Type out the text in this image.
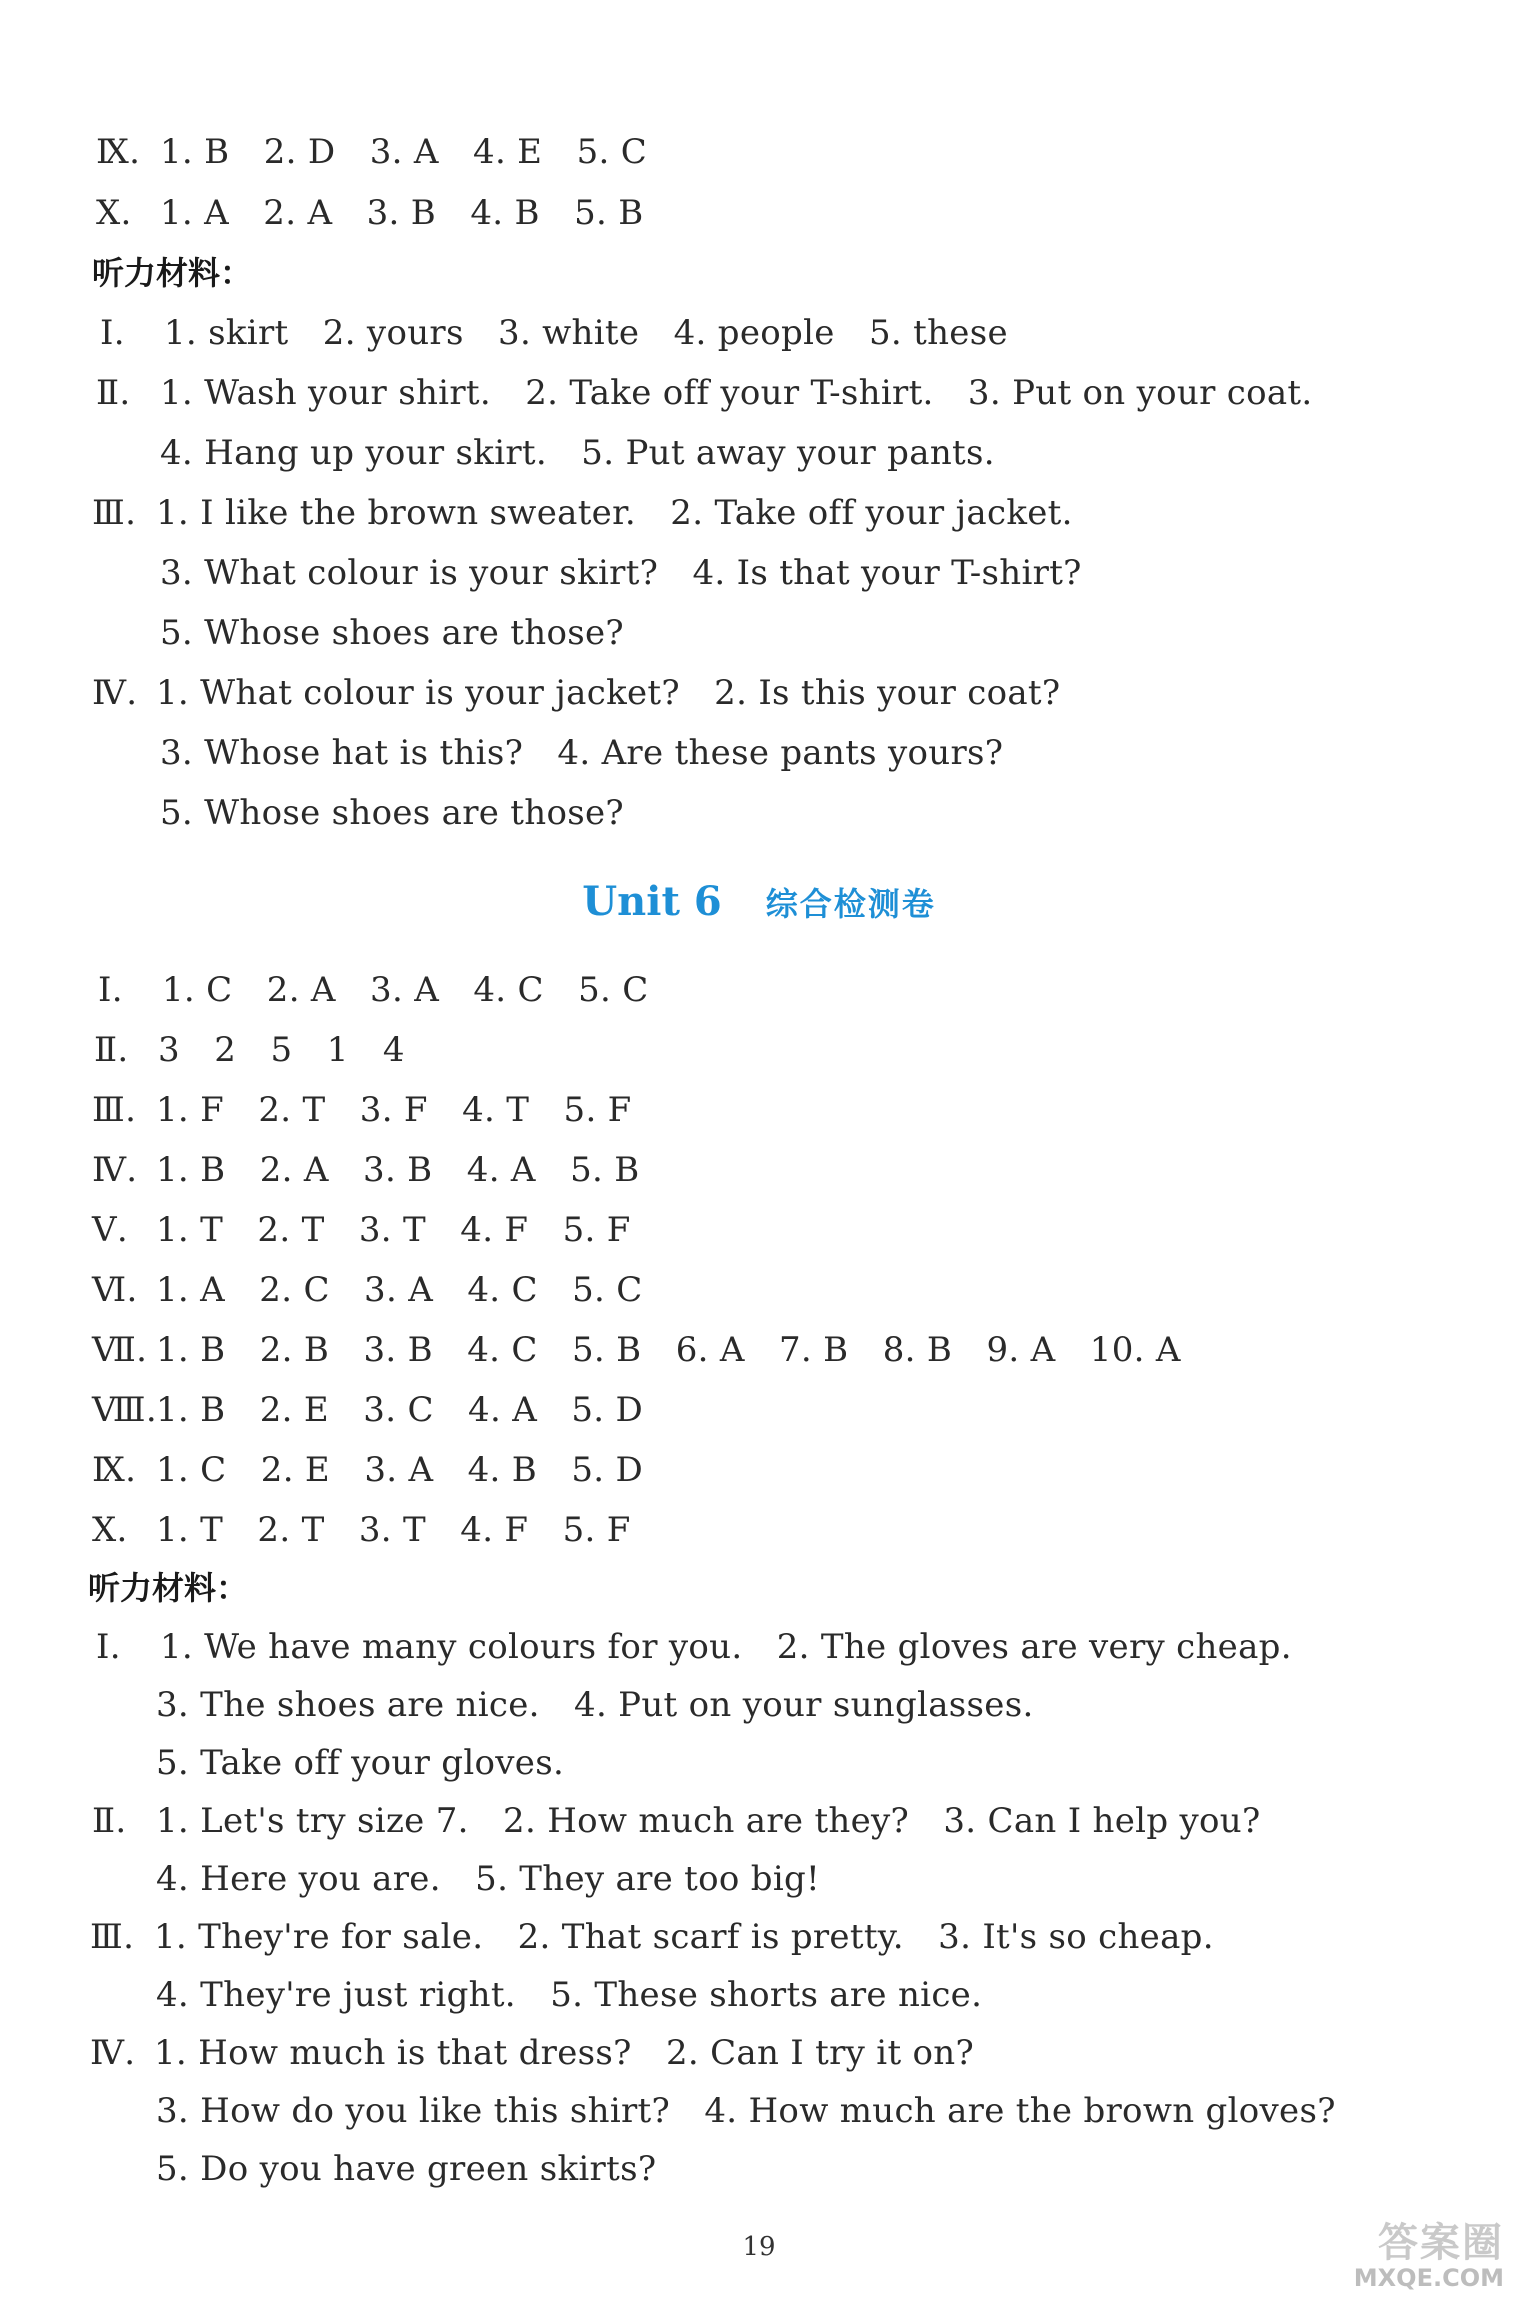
Ⅸ. 1. B　2. D　3. A　4. E　5. C
Ⅹ. 1. A　2. A　3. B　4. B　5. B
听力材料：
Ⅰ. 1. skirt　2. yours　3. white　4. people　5. these
Ⅱ. 1. Wash your shirt.　2. Take off your T-shirt.　3. Put on your coat.
4. Hang up your skirt.　5. Put away your pants.
Ⅲ. 1. I like the brown sweater.　2. Take off your jacket.
3. What colour is your skirt?　4. Is that your T-shirt?
5. Whose shoes are those?
Ⅳ. 1. What colour is your jacket?　2. Is this your coat?
3. Whose hat is this?　4. Are these pants yours?
5. Whose shoes are those?
Unit 6 综合检测卷
Ⅰ. 1. C　2. A　3. A　4. C　5. C
Ⅱ. 3　2　5　1　4
Ⅲ. 1. F　2. T　3. F　4. T　5. F
Ⅳ. 1. B　2. A　3. B　4. A　5. B
Ⅴ. 1. T　2. T　3. T　4. F　5. F
Ⅵ. 1. A　2. C　3. A　4. C　5. C
Ⅶ. 1. B　2. B　3. B　4. C　5. B　6. A　7. B　8. B　9. A　10. A
Ⅷ.1. B　2. E　3. C　4. A　5. D
Ⅸ. 1. C　2. E　3. A　4. B　5. D
Ⅹ. 1. T　2. T　3. T　4. F　5. F
听力材料：
Ⅰ. 1. We have many colours for you.　2. The gloves are very cheap.
3. The shoes are nice.　4. Put on your sunglasses.
5. Take off your gloves.
Ⅱ. 1. Let's try size 7.　2. How much are they?　3. Can I help you?
4. Here you are.　5. They are too big!
Ⅲ. 1. They're for sale.　2. That scarf is pretty.　3. It's so cheap.
4. They're just right.　5. These shorts are nice.
Ⅳ. 1. How much is that dress?　2. Can I try it on?
3. How do you like this shirt?　4. How much are the brown gloves?
5. Do you have green skirts?
19	答案圈
MXQE.COM
